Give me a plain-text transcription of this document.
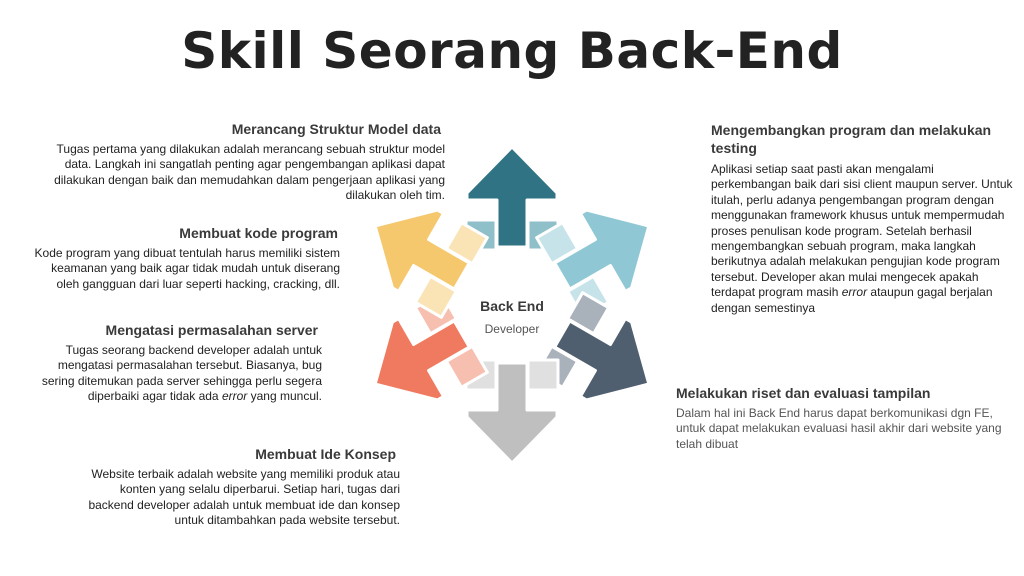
Skill Seorang Back-End
Back End
Developer
Merancang Struktur Model data

Tugas pertama yang dilakukan adalah merancang sebuah struktur model data. Langkah ini sangatlah penting agar pengembangan aplikasi dapat dilakukan dengan baik dan memudahkan dalam pengerjaan aplikasi yang dilakukan oleh tim.

Membuat kode program

Kode program yang dibuat tentulah harus memiliki sistem keamanan yang baik agar tidak mudah untuk diserang oleh gangguan dari luar seperti hacking, cracking, dll.

Mengatasi permasalahan server

Tugas seorang backend developer adalah untuk mengatasi permasalahan tersebut. Biasanya, bug sering ditemukan pada server sehingga perlu segera diperbaiki agar tidak ada error yang muncul.

Membuat Ide Konsep

Website terbaik adalah website yang memiliki produk atau konten yang selalu diperbarui. Setiap hari, tugas dari backend developer adalah untuk membuat ide dan konsep untuk ditambahkan pada website tersebut.

Mengembangkan program dan melakukan testing

Aplikasi setiap saat pasti akan mengalami perkembangan baik dari sisi client maupun server. Untuk itulah, perlu adanya pengembangan program dengan menggunakan framework khusus untuk mempermudah proses penulisan kode program. Setelah berhasil mengembangkan sebuah program, maka langkah berikutnya adalah melakukan pengujian kode program tersebut. Developer akan mulai mengecek apakah terdapat program masih error ataupun gagal berjalan dengan semestinya

Melakukan riset dan evaluasi tampilan

Dalam hal ini Back End harus dapat berkomunikasi dgn FE, untuk dapat melakukan evaluasi hasil akhir dari website yang telah dibuat
